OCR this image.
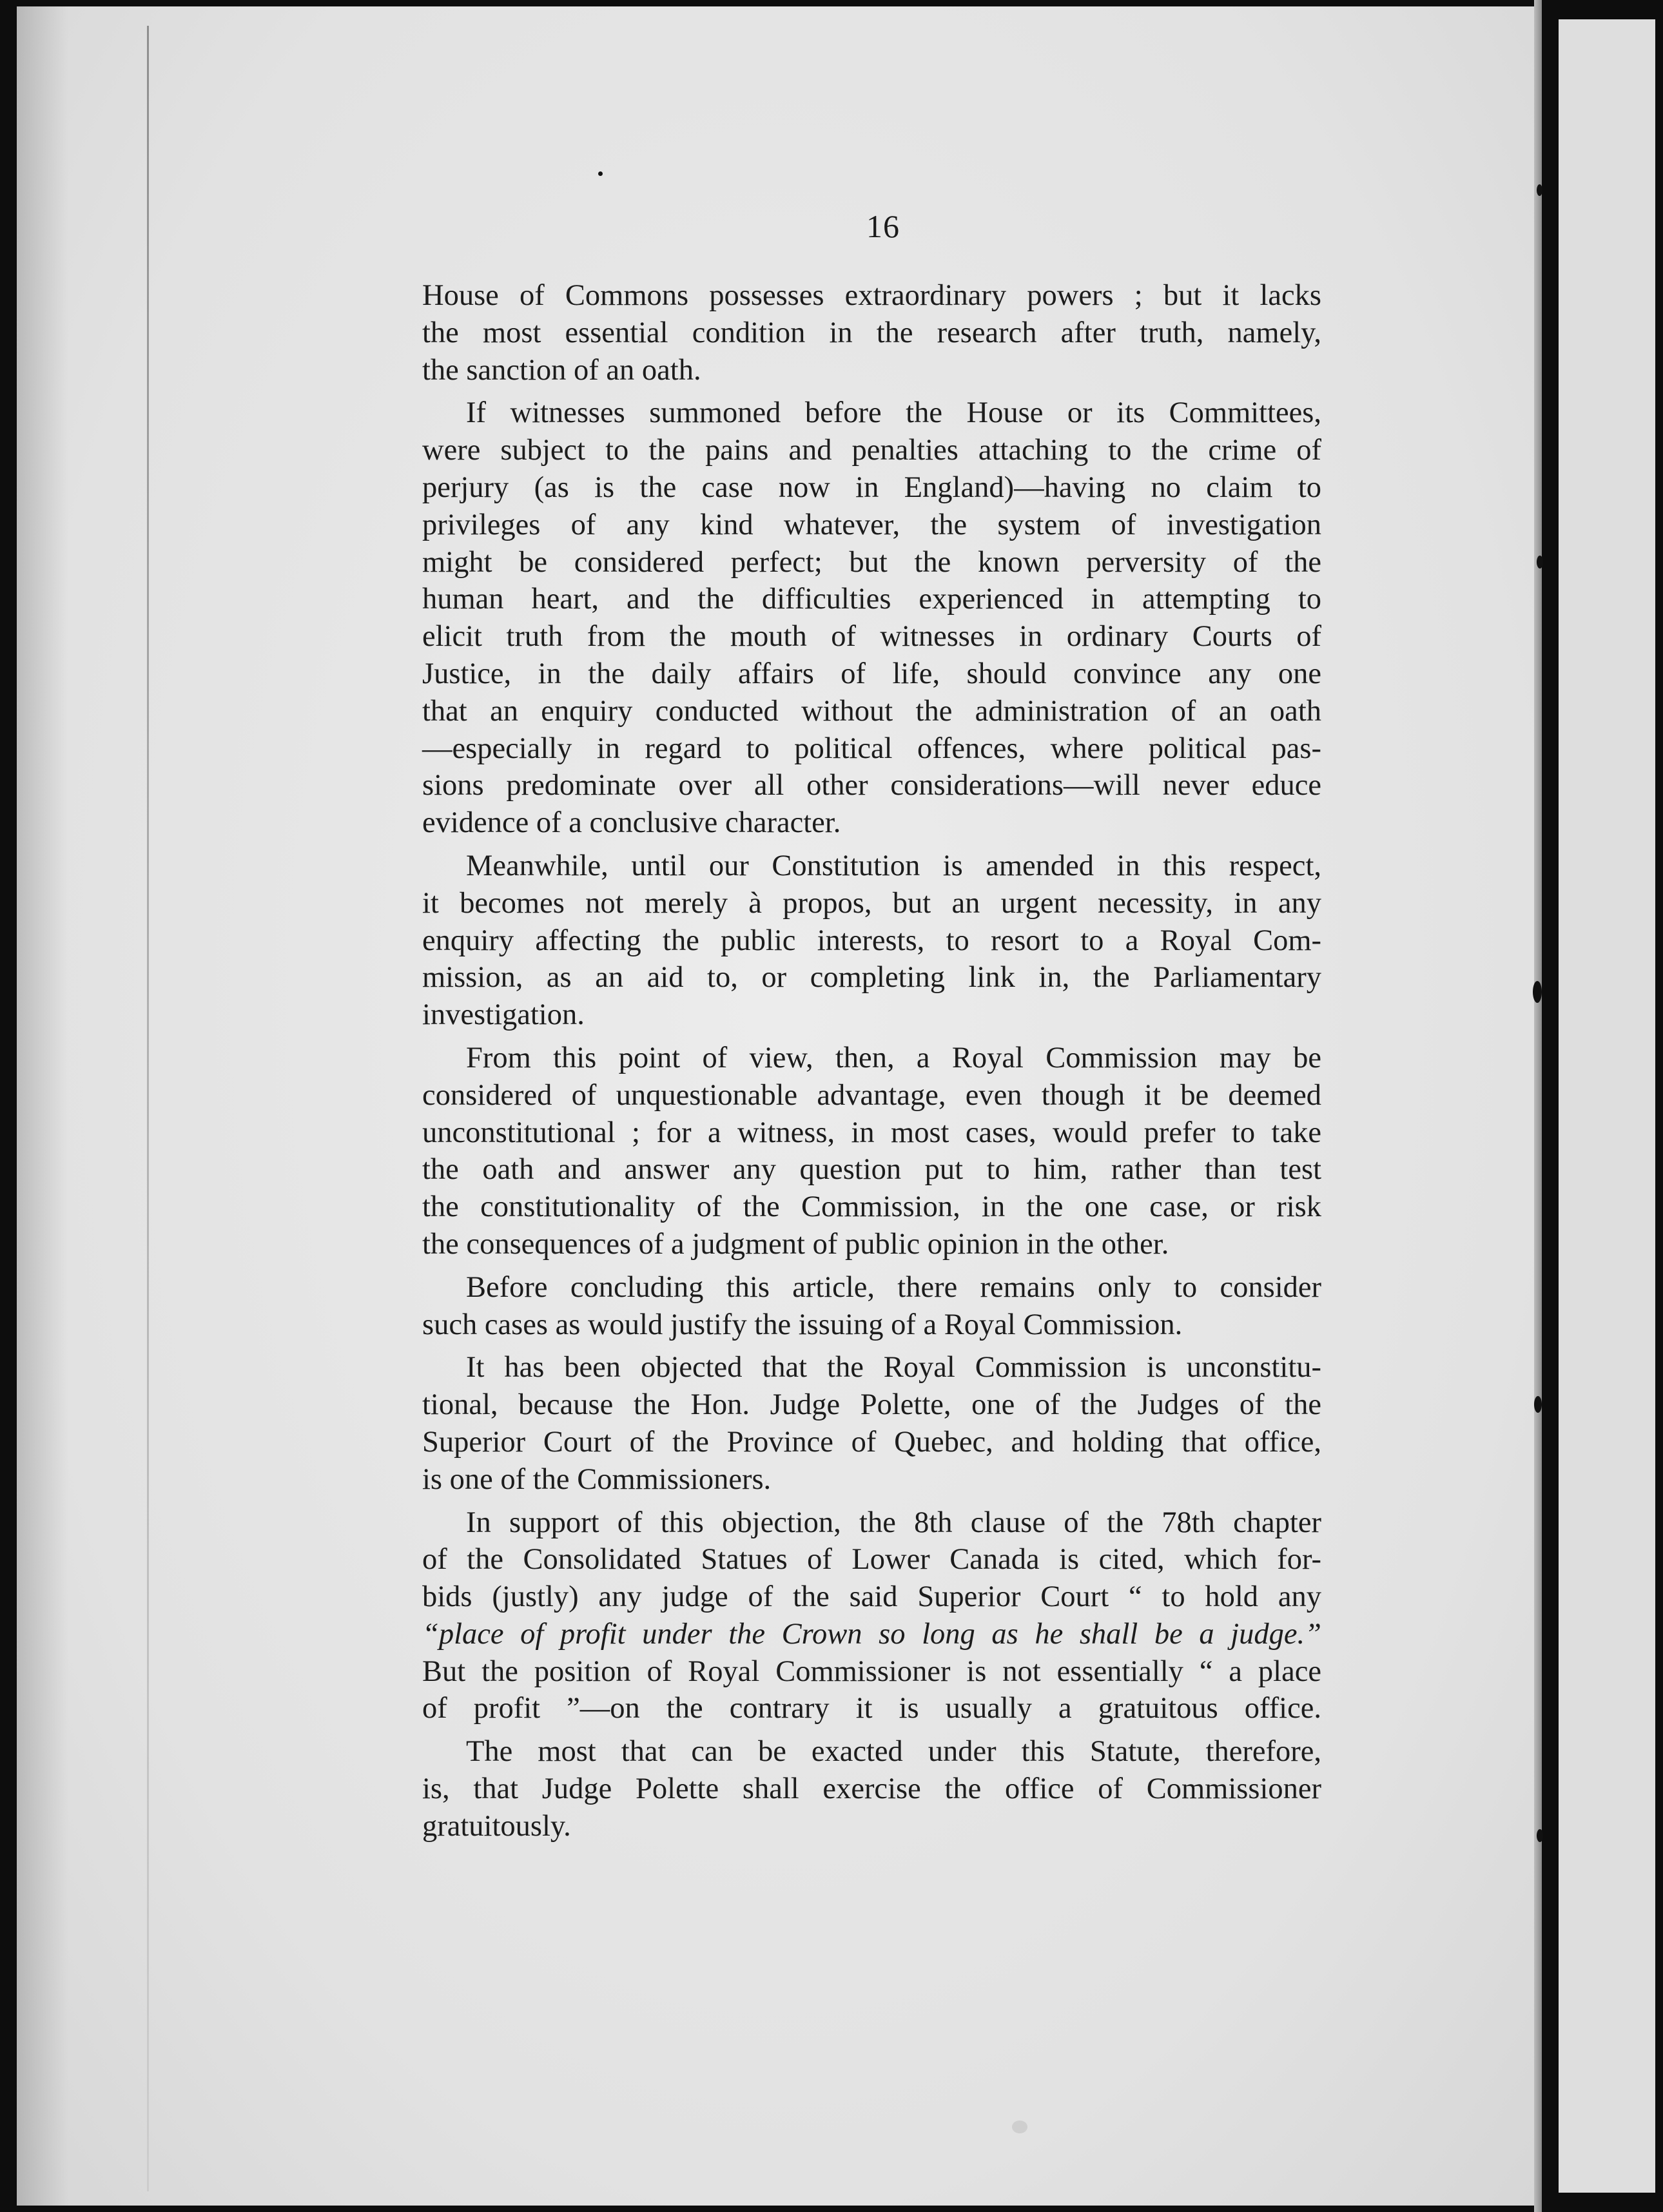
16
House of Commons possesses extraordinary powers ; but it lacks
the most essential condition in the research after truth, namely,
the sanction of an oath.
If witnesses summoned before the House or its Committees,
were subject to the pains and penalties attaching to the crime of
perjury (as is the case now in England)—having no claim to
privileges of any kind whatever, the system of investigation
might be considered perfect; but the known perversity of the
human heart, and the difficulties experienced in attempting to
elicit truth from the mouth of witnesses in ordinary Courts of
Justice, in the daily affairs of life, should convince any one
that an enquiry conducted without the administration of an oath
—especially in regard to political offences, where political pas-
sions predominate over all other considerations—will never educe
evidence of a conclusive character.
Meanwhile, until our Constitution is amended in this respect,
it becomes not merely à propos, but an urgent necessity, in any
enquiry affecting the public interests, to resort to a Royal Com-
mission, as an aid to, or completing link in, the Parliamentary
investigation.
From this point of view, then, a Royal Commission may be
considered of unquestionable advantage, even though it be deemed
unconstitutional ; for a witness, in most cases, would prefer to take
the oath and answer any question put to him, rather than test
the constitutionality of the Commission, in the one case, or risk
the consequences of a judgment of public opinion in the other.
Before concluding this article, there remains only to consider
such cases as would justify the issuing of a Royal Commission.
It has been objected that the Royal Commission is unconstitu-
tional, because the Hon. Judge Polette, one of the Judges of the
Superior Court of the Province of Quebec, and holding that office,
is one of the Commissioners.
In support of this objection, the 8th clause of the 78th chapter
of the Consolidated Statues of Lower Canada is cited, which for-
bids (justly) any judge of the said Superior Court “ to hold any
“place of profit under the Crown so long as he shall be a judge.”
But the position of Royal Commissioner is not essentially “ a place
of profit ”—on the contrary it is usually a gratuitous office.
The most that can be exacted under this Statute, therefore,
is, that Judge Polette shall exercise the office of Commissioner
gratuitously.
